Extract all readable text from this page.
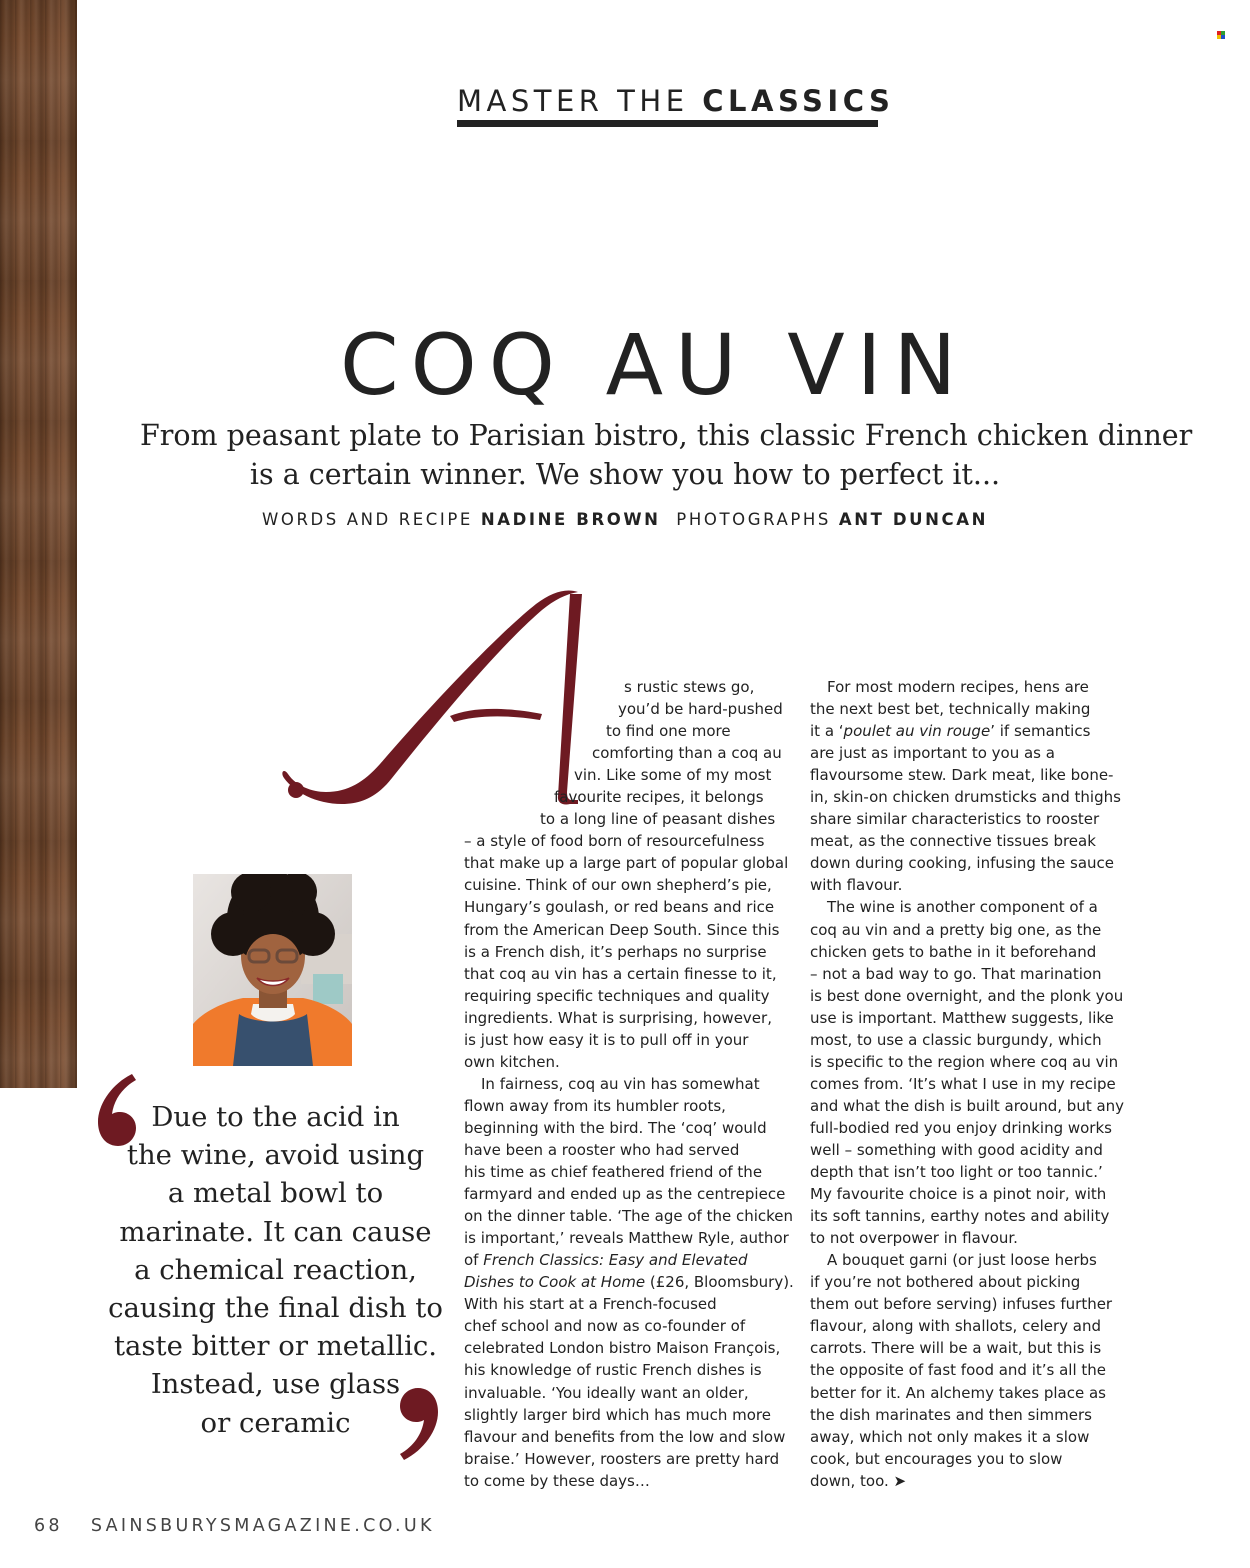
MASTER THE CLASSICS
COQ AU VIN
From peasant plate to Parisian bistro, this classic French chicken dinner
is a certain winner. We show you how to perfect it...
WORDS AND RECIPE NADINE BROWN PHOTOGRAPHS ANT DUNCAN
Due to the acid in
the wine, avoid using
a metal bowl to
marinate. It can cause
a chemical reaction,
causing the final dish to
taste bitter or metallic.
Instead, use glass
or ceramic
s rustic stews go,
you’d be hard-pushed
to find one more
comforting than a coq au
vin. Like some of my most
favourite recipes, it belongs
to a long line of peasant dishes
– a style of food born of resourcefulness
that make up a large part of popular global
cuisine. Think of our own shepherd’s pie,
Hungary’s goulash, or red beans and rice
from the American Deep South. Since this
is a French dish, it’s perhaps no surprise
that coq au vin has a certain finesse to it,
requiring specific techniques and quality
ingredients. What is surprising, however,
is just how easy it is to pull off in your
own kitchen.
In fairness, coq au vin has somewhat
flown away from its humbler roots,
beginning with the bird. The ‘coq’ would
have been a rooster who had served
his time as chief feathered friend of the
farmyard and ended up as the centrepiece
on the dinner table. ‘The age of the chicken
is important,’ reveals Matthew Ryle, author
of French Classics: Easy and Elevated
Dishes to Cook at Home (£26, Bloomsbury).
With his start at a French-focused
chef school and now as co-founder of
celebrated London bistro Maison François,
his knowledge of rustic French dishes is
invaluable. ‘You ideally want an older,
slightly larger bird which has much more
flavour and benefits from the low and slow
braise.’ However, roosters are pretty hard
to come by these days…
For most modern recipes, hens are
the next best bet, technically making
it a ‘poulet au vin rouge’ if semantics
are just as important to you as a
flavoursome stew. Dark meat, like bone-
in, skin-on chicken drumsticks and thighs
share similar characteristics to rooster
meat, as the connective tissues break
down during cooking, infusing the sauce
with flavour.
The wine is another component of a
coq au vin and a pretty big one, as the
chicken gets to bathe in it beforehand
– not a bad way to go. That marination
is best done overnight, and the plonk you
use is important. Matthew suggests, like
most, to use a classic burgundy, which
is specific to the region where coq au vin
comes from. ‘It’s what I use in my recipe
and what the dish is built around, but any
full-bodied red you enjoy drinking works
well – something with good acidity and
depth that isn’t too light or too tannic.’
My favourite choice is a pinot noir, with
its soft tannins, earthy notes and ability
to not overpower in flavour.
A bouquet garni (or just loose herbs
if you’re not bothered about picking
them out before serving) infuses further
flavour, along with shallots, celery and
carrots. There will be a wait, but this is
the opposite of fast food and it’s all the
better for it. An alchemy takes place as
the dish marinates and then simmers
away, which not only makes it a slow
cook, but encourages you to slow
down, too. ➤
68 SAINSBURYSMAGAZINE.CO.UK
